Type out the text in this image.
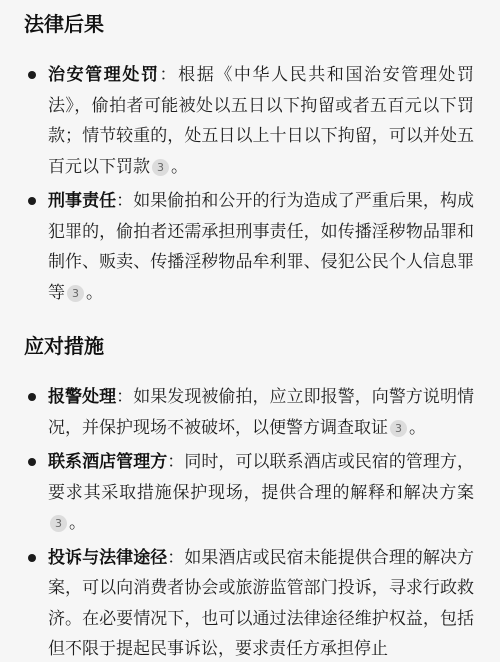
法律后果
治安管理处罚：根据《中华人民共和国治安管理处罚法》，偷拍者可能被处以五日以下拘留或者五百元以下罚款；情节较重的，处五日以上十日以下拘留，可以并处五百元以下罚款 3 。
刑事责任：如果偷拍和公开的行为造成了严重后果，构成犯罪的，偷拍者还需承担刑事责任，如传播淫秽物品罪和制作、贩卖、传播淫秽物品牟利罪、侵犯公民个人信息罪等 3 。
应对措施
报警处理：如果发现被偷拍，应立即报警，向警方说明情况，并保护现场不被破坏，以便警方调查取证 3 。
联系酒店管理方：同时，可以联系酒店或民宿的管理方，要求其采取措施保护现场，提供合理的解释和解决方案3 。
投诉与法律途径：如果酒店或民宿未能提供合理的解决方案，可以向消费者协会或旅游监管部门投诉，寻求行政救济。在必要情况下，也可以通过法律途径维护权益，包括但不限于提起民事诉讼，要求责任方承担停止
